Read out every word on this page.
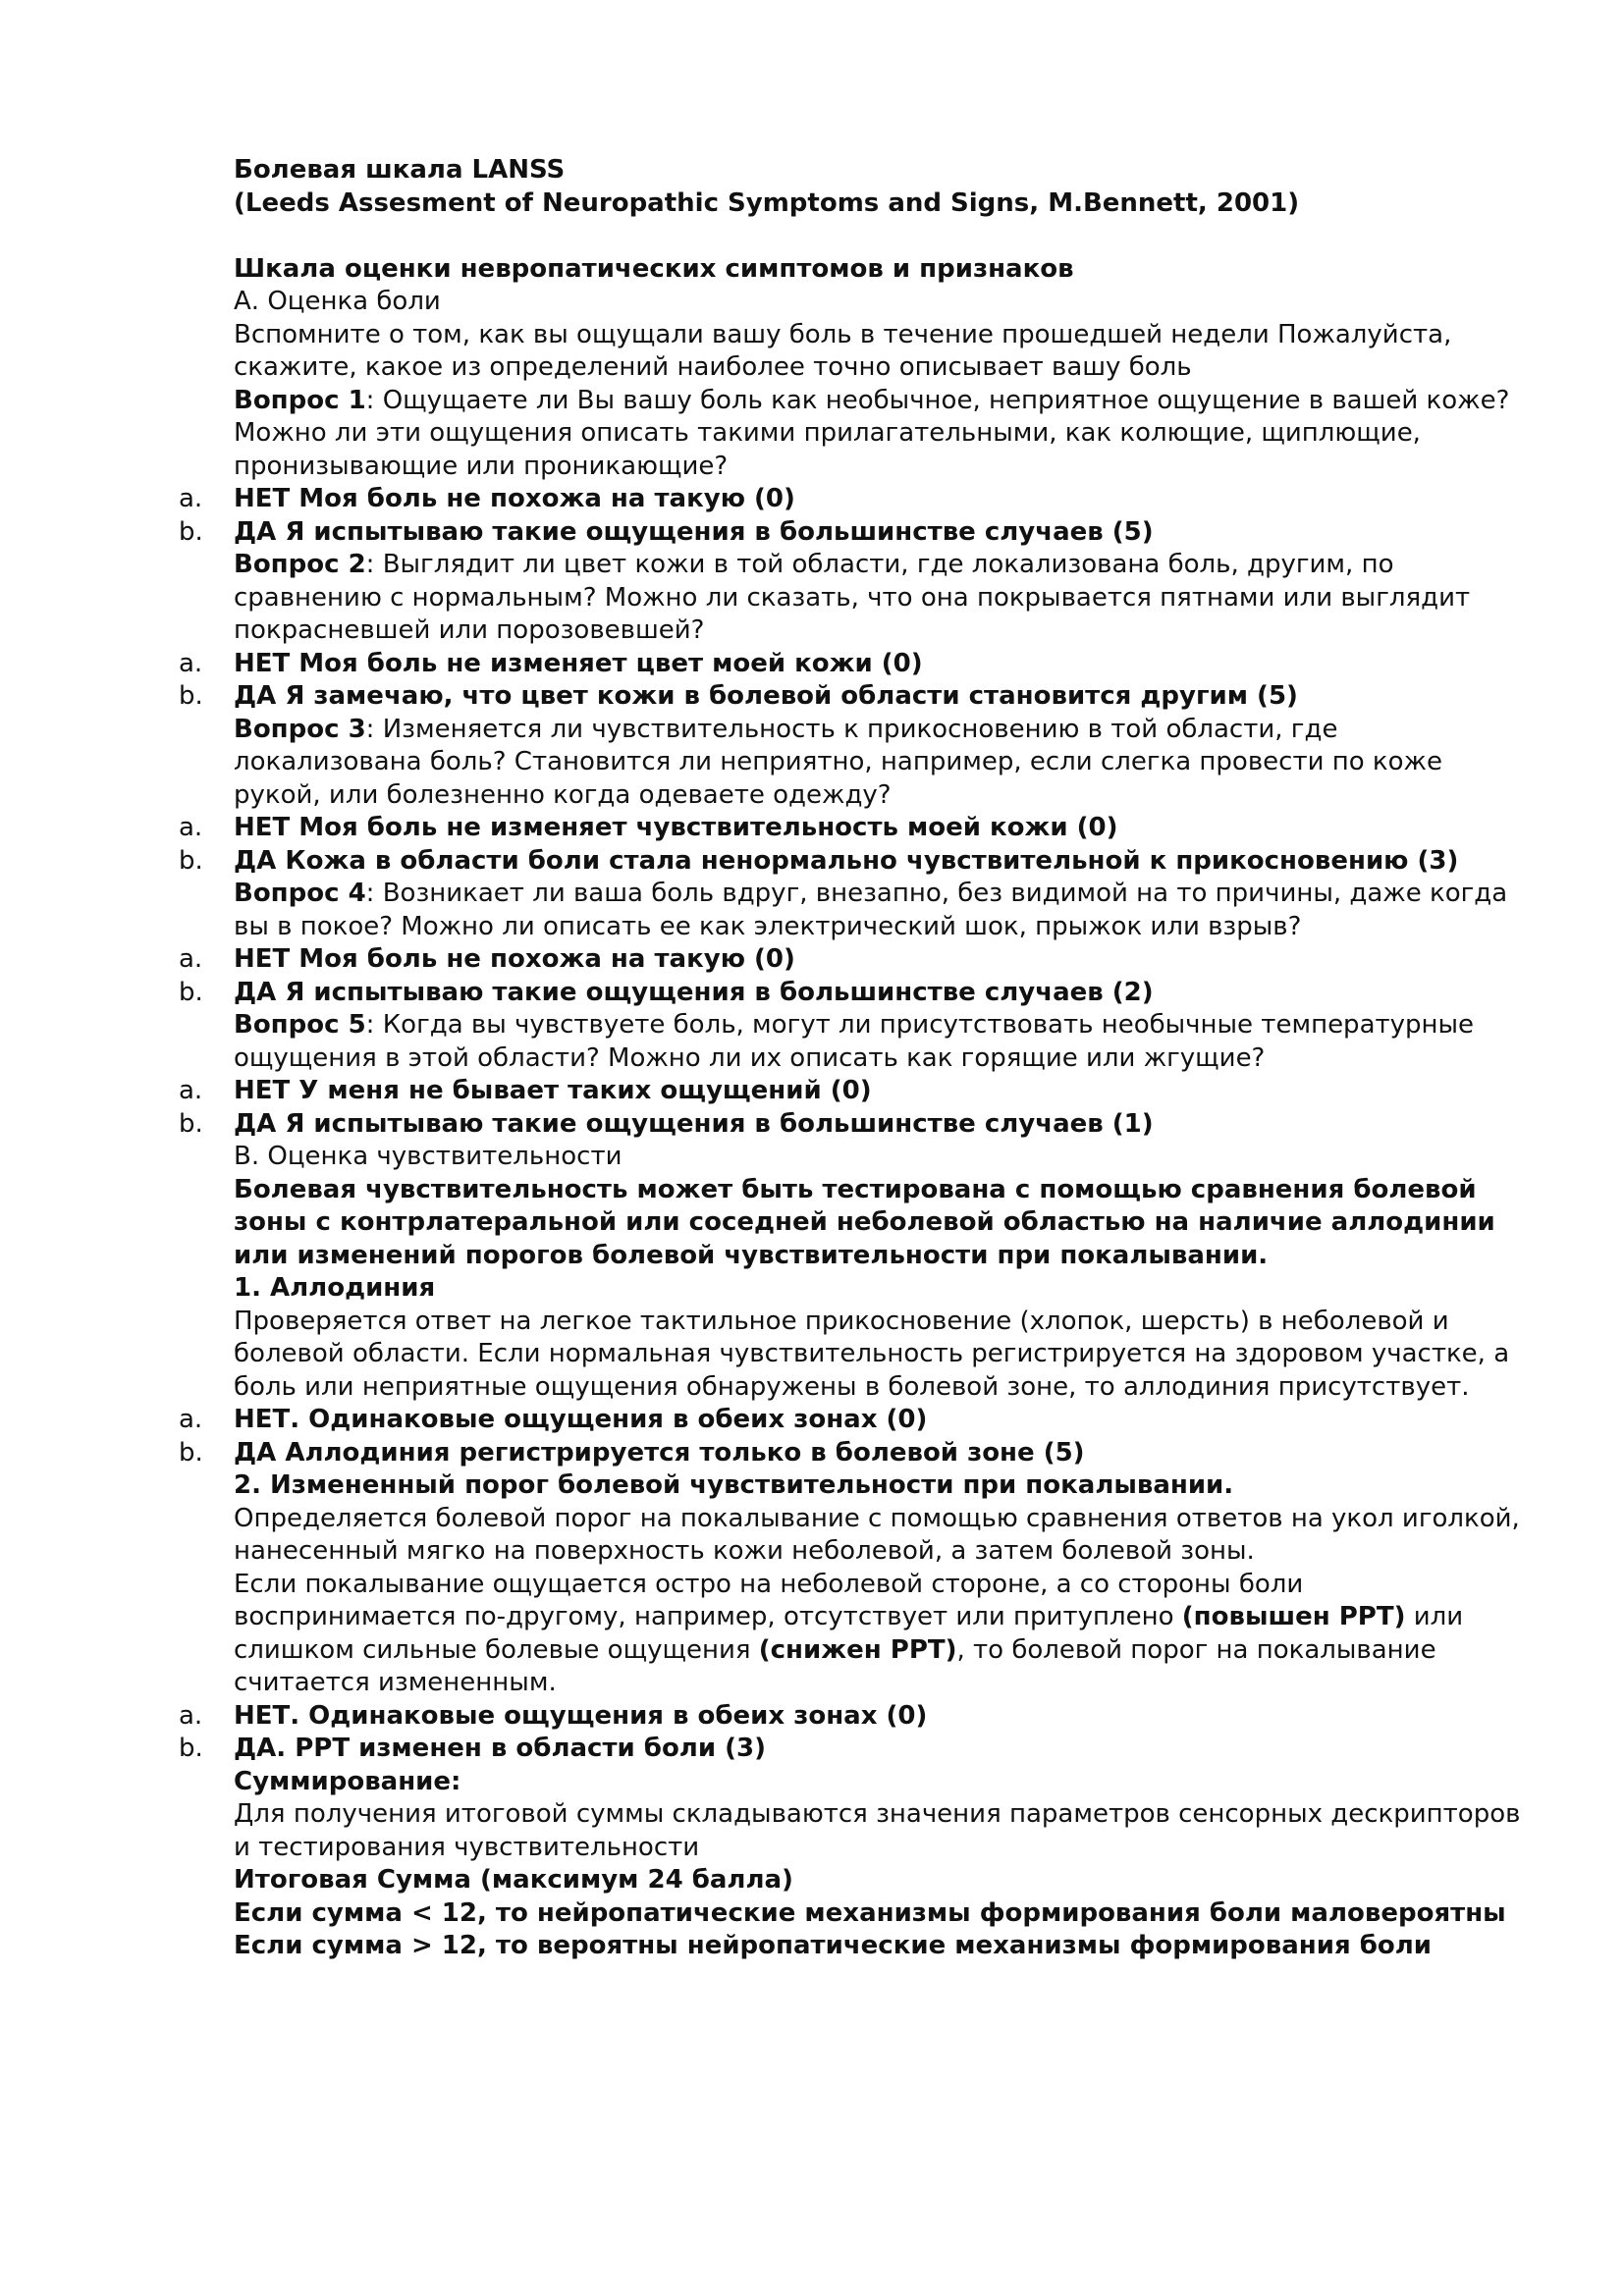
Болевая шкала LANSS
(Leeds Assesment of Neuropathic Symptoms and Signs, M.Bennett, 2001)
Шкала оценки невропатических симптомов и признаков
А. Оценка боли
Вспомните о том, как вы ощущали вашу боль в течение прошедшей недели Пожалуйста, скажите, какое из определений наиболее точно описывает вашу боль
Вопрос 1: Ощущаете ли Вы вашу боль как необычное, неприятное ощущение в вашей коже? Можно ли эти ощущения описать такими прилагательными, как колющие, щиплющие, пронизывающие или проникающие?
a. НЕТ Моя боль не похожа на такую (0)
b. ДА Я испытываю такие ощущения в большинстве случаев (5)
Вопрос 2: Выглядит ли цвет кожи в той области, где локализована боль, другим, по сравнению с нормальным? Можно ли сказать, что она покрывается пятнами или выглядит покрасневшей или порозовевшей?
a. НЕТ Моя боль не изменяет цвет моей кожи (0)
b. ДА Я замечаю, что цвет кожи в болевой области становится другим (5)
Вопрос 3: Изменяется ли чувствительность к прикосновению в той области, где локализована боль? Становится ли неприятно, например, если слегка провести по коже рукой, или болезненно когда одеваете одежду?
a. НЕТ Моя боль не изменяет чувствительность моей кожи (0)
b. ДА Кожа в области боли стала ненормально чувствительной к прикосновению (3)
Вопрос 4: Возникает ли ваша боль вдруг, внезапно, без видимой на то причины, даже когда вы в покое? Можно ли описать ее как электрический шок, прыжок или взрыв?
a. НЕТ Моя боль не похожа на такую (0)
b. ДА Я испытываю такие ощущения в большинстве случаев (2)
Вопрос 5: Когда вы чувствуете боль, могут ли присутствовать необычные температурные ощущения в этой области? Можно ли их описать как горящие или жгущие?
a. НЕТ У меня не бывает таких ощущений (0)
b. ДА Я испытываю такие ощущения в большинстве случаев (1)
В. Оценка чувствительности
Болевая чувствительность может быть тестирована с помощью сравнения болевой зоны с контрлатеральной или соседней неболевой областью на наличие аллодинии или изменений порогов болевой чувствительности при покалывании.
1. Аллодиния
Проверяется ответ на легкое тактильное прикосновение (хлопок, шерсть) в неболевой и болевой области. Если нормальная чувствительность регистрируется на здоровом участке, а боль или неприятные ощущения обнаружены в болевой зоне, то аллодиния присутствует.
a. НЕТ. Одинаковые ощущения в обеих зонах (0)
b. ДА Аллодиния регистрируется только в болевой зоне (5)
2. Измененный порог болевой чувствительности при покалывании.
Определяется болевой порог на покалывание с помощью сравнения ответов на укол иголкой, нанесенный мягко на поверхность кожи неболевой, а затем болевой зоны.
Если покалывание ощущается остро на неболевой стороне, а со стороны боли воспринимается по-другому, например, отсутствует или притуплено (повышен PPT) или слишком сильные болевые ощущения (снижен PPT), то болевой порог на покалывание считается измененным.
a. НЕТ. Одинаковые ощущения в обеих зонах (0)
b. ДА. PPT изменен в области боли (3)
Суммирование:
Для получения итоговой суммы складываются значения параметров сенсорных дескрипторов и тестирования чувствительности
Итоговая Сумма (максимум 24 балла)
Если сумма < 12, то нейропатические механизмы формирования боли маловероятны
Если сумма > 12, то вероятны нейропатические механизмы формирования боли
